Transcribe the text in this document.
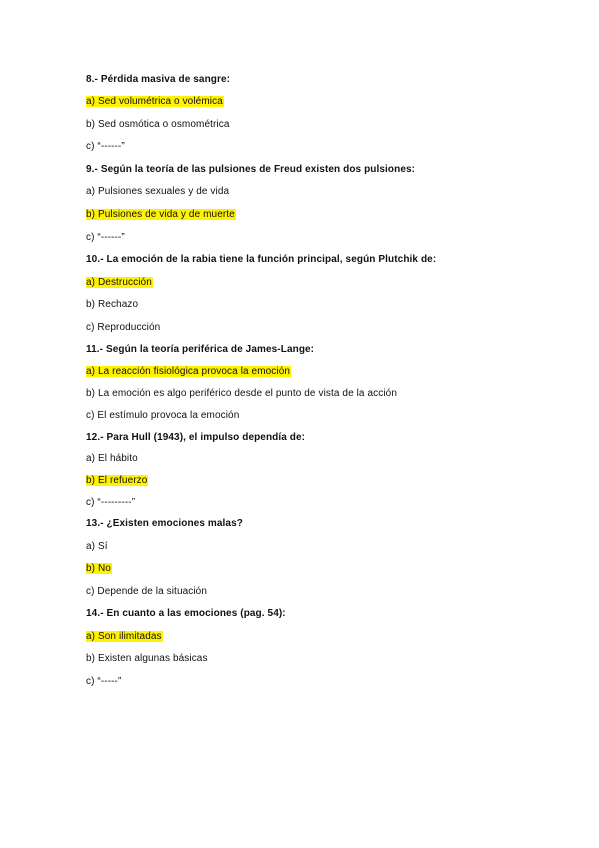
8.- Pérdida masiva de sangre:
a) Sed volumétrica o volémica
b) Sed osmótica o osmométrica
c) “------”
9.- Según la teoría de las pulsiones de Freud existen dos pulsiones:
a) Pulsiones sexuales y de vida
b) Pulsiones de vida y de muerte
c) “------”
10.- La emoción de la rabia tiene la función principal, según Plutchik de:
a) Destrucción
b) Rechazo
c) Reproducción
11.- Según la teoría periférica de James-Lange:
a) La reacción fisiológica provoca la emoción
b) La emoción es algo periférico desde el punto de vista de la acción
c) El estímulo provoca la emoción
12.- Para Hull (1943), el impulso dependía de:
a) El hábito
b) El refuerzo
c) “---------”
13.- ¿Existen emociones malas?
a) Sí
b) No
c) Depende de la situación
14.- En cuanto a las emociones (pag. 54):
a) Son ilimitadas
b) Existen algunas básicas
c) “-----”
